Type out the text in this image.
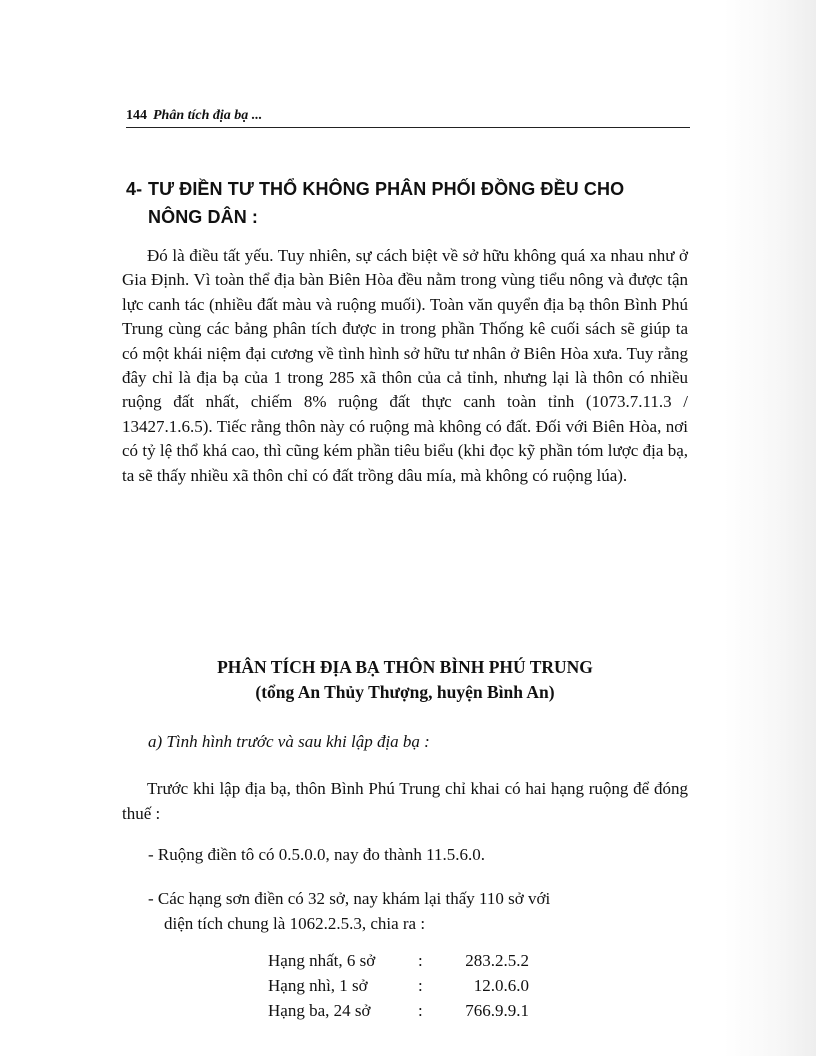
144 Phân tích địa bạ ...
4- TƯ ĐIỀN TƯ THỔ KHÔNG PHÂN PHỐI ĐỒNG ĐỀU CHO
NÔNG DÂN :

Đó là điều tất yếu. Tuy nhiên, sự cách biệt về sở hữu không quá xa nhau như ở Gia Định. Vì toàn thể địa bàn Biên Hòa đều nằm trong vùng tiểu nông và được tận lực canh tác (nhiều đất màu và ruộng muối). Toàn văn quyển địa bạ thôn Bình Phú Trung cùng các bảng phân tích được in trong phần Thống kê cuối sách sẽ giúp ta có một khái niệm đại cương về tình hình sở hữu tư nhân ở Biên Hòa xưa. Tuy rằng đây chỉ là địa bạ của 1 trong 285 xã thôn của cả tỉnh, nhưng lại là thôn có nhiều ruộng đất nhất, chiếm 8% ruộng đất thực canh toàn tỉnh (1073.7.11.3 / 13427.1.6.5). Tiếc rằng thôn này có ruộng mà không có đất. Đối với Biên Hòa, nơi có tỷ lệ thổ khá cao, thì cũng kém phần tiêu biểu (khi đọc kỹ phần tóm lược địa bạ, ta sẽ thấy nhiều xã thôn chỉ có đất trồng dâu mía, mà không có ruộng lúa).

PHÂN TÍCH ĐỊA BẠ THÔN BÌNH PHÚ TRUNG
(tổng An Thủy Thượng, huyện Bình An)
a) Tình hình trước và sau khi lập địa bạ :

Trước khi lập địa bạ, thôn Bình Phú Trung chỉ khai có hai hạng ruộng để đóng thuế :

- Ruộng điền tô có 0.5.0.0, nay đo thành 11.5.6.0.
- Các hạng sơn điền có 32 sở, nay khám lại thấy 110 sở với
diện tích chung là 1062.2.5.3, chia ra :
Hạng nhất, 6 sở	:	283.2.5.2
Hạng nhì, 1 sở	:	12.0.6.0
Hạng ba, 24 sở	:	766.9.9.1
